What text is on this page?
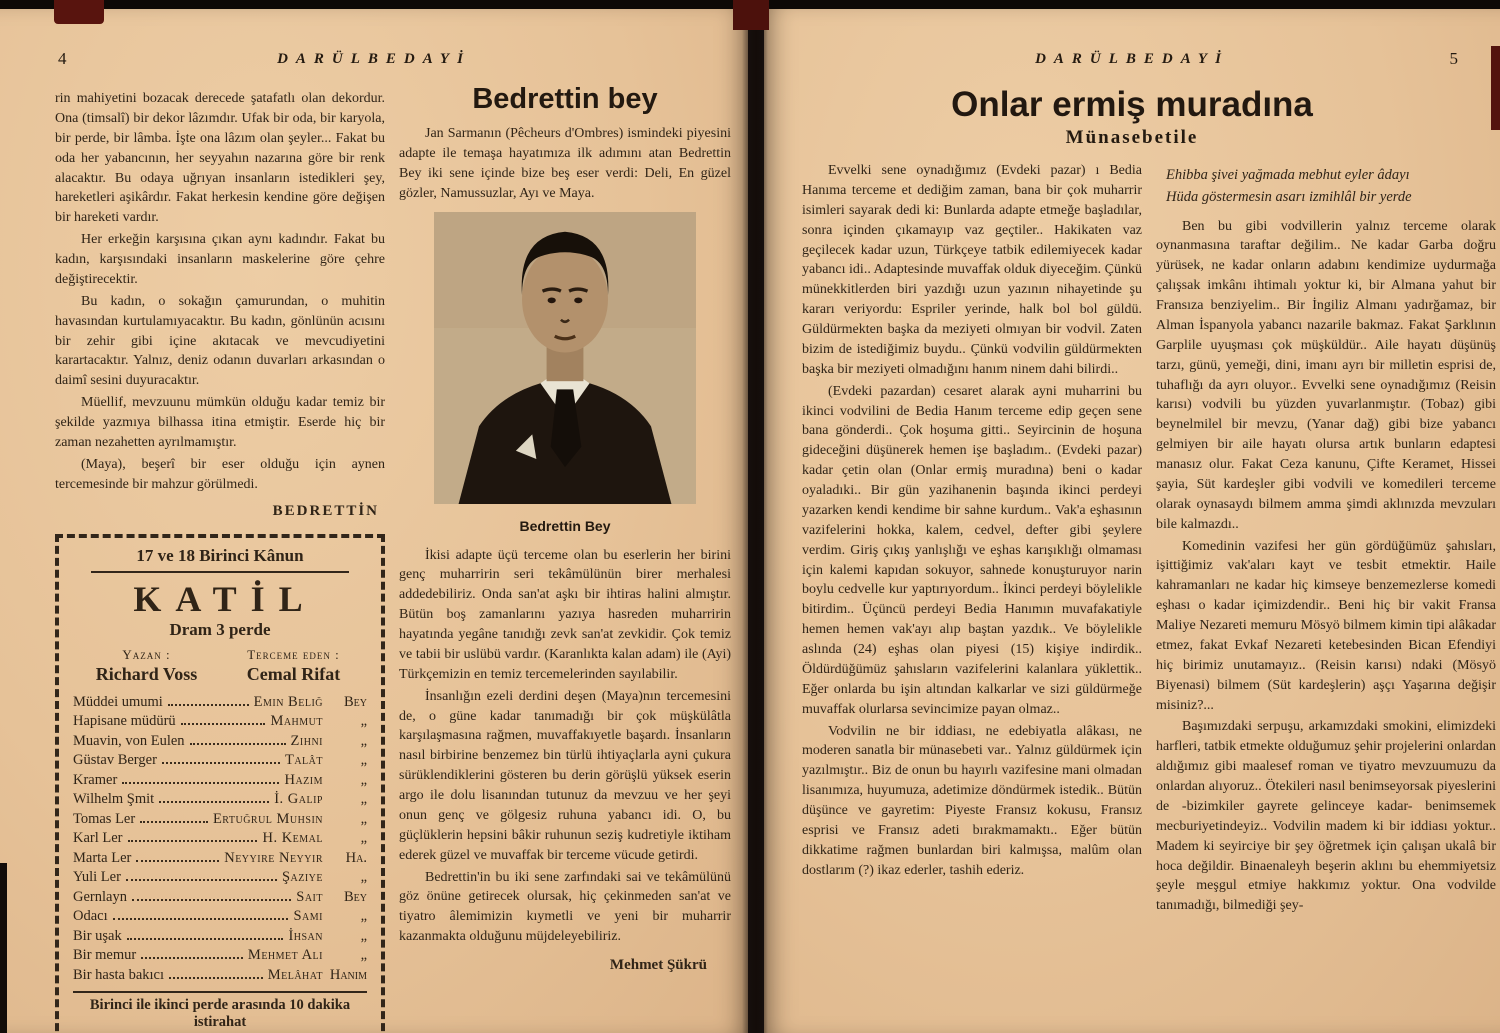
4	DARÜLBEDAYİ

rin mahiyetini bozacak derecede şatafatlı olan dekordur. Ona (timsalî) bir dekor lâzımdır. Ufak bir oda, bir karyola, bir perde, bir lâmba. İşte ona lâzım olan şeyler... Fakat bu oda her yabancının, her seyyahın nazarına göre bir renk alacaktır. Bu odaya uğrıyan insanların istedikleri şey, hareketleri aşikârdır. Fakat herkesin kendine göre değişen bir hareketi vardır.

Her erkeğin karşısına çıkan aynı kadındır. Fakat bu kadın, karşısındaki insanların maskelerine göre çehre değiştirecektir.

Bu kadın, o sokağın çamurundan, o muhitin havasından kurtulamıyacaktır. Bu kadın, gönlünün acısını bir zehir gibi içine akıtacak ve mevcudiyetini karartacaktır. Yalnız, deniz odanın duvarları arkasından o daimî sesini duyuracaktır.

Müellif, mevzuunu mümkün olduğu kadar temiz bir şekilde yazmıya bilhassa itina etmiştir. Eserde hiç bir zaman nezahetten ayrılmamıştır.

(Maya), beşerî bir eser olduğu için aynen tercemesinde bir mahzur görülmedi.

BEDRETTİN
17 ve 18 Birinci Kânun
KATİL
Dram 3 perde
Yazan :
Richard Voss
Terceme eden :
Cemal Rifat
Müddei umumi	Emin Beliğ	Bey
Hapisane müdürü	Mahmut	„
Muavin, von Eulen	Zihni	„
Güstav Berger	Talât	„
Kramer	Hazım	„
Wilhelm Şmit	İ. Galip	„
Tomas Ler	Ertuğrul Muhsin	„
Karl Ler	H. Kemal	„
Marta Ler	Neyyire Neyyir	Ha.
Yuli Ler	Şaziye	„
Gernlayn	Sait	Bey
Odacı	Sami	„
Bir uşak	İhsan	„
Bir memur	Mehmet Ali	„
Bir hasta bakıcı	Melâhat Hanım
Birinci ile ikinci perde arasında 10 dakika istirahat
Bedrettin bey

Jan Sarmanın (Pêcheurs d'Ombres) ismindeki piyesini adapte ile temaşa hayatımıza ilk adımını atan Bedrettin Bey iki sene içinde bize beş eser verdi: Deli, En güzel gözler, Namussuzlar, Ayı ve Maya.

Bedrettin Bey

İkisi adapte üçü terceme olan bu eserlerin her birini genç muharririn seri tekâmülünün birer merhalesi addedebiliriz. Onda san'at aşkı bir ihtiras halini almıştır. Bütün boş zamanlarını yazıya hasreden muharririn hayatında yegâne tanıdığı zevk san'at zevkidir. Çok temiz ve tabii bir uslübü vardır. (Karanlıkta kalan adam) ile (Ayi) Türkçemizin en temiz tercemelerinden sayılabilir.

İnsanlığın ezeli derdini deşen (Maya)nın tercemesini de, o güne kadar tanımadığı bir çok müşkülâtla karşılaşmasına rağmen, muvaffakıyetle başardı. İnsanların nasıl birbirine benzemez bin türlü ihtiyaçlarla ayni çukura sürüklendiklerini gösteren bu derin görüşlü yüksek eserin argo ile dolu lisanından tutunuz da mevzuu ve her şeyi onun genç ve gölgesiz ruhuna yabancı idi. O, bu güçlüklerin hepsini bâkir ruhunun seziş kudretiyle iktiham ederek güzel ve muvaffak bir terceme vücude getirdi.

Bedrettin'in bu iki sene zarfındaki sai ve tekâmülünü göz önüne getirecek olursak, hiç çekinmeden san'at ve tiyatro âlemimizin kıymetli ve yeni bir muharrir kazanmakta olduğunu müjdeleyebiliriz.

Mehmet Şükrü
DARÜLBEDAYİ	5
Onlar ermiş muradına
Münasebetile

Evvelki sene oynadığımız (Evdeki pazar) ı Bedia Hanıma terceme et dediğim zaman, bana bir çok muharrir isimleri sayarak dedi ki: Bunlarda adapte etmeğe başladılar, sonra içinden çıkamayıp vaz geçtiler.. Hakikaten vaz geçilecek kadar uzun, Türkçeye tatbik edilemiyecek kadar yabancı idi.. Adaptesinde muvaffak olduk diyeceğim. Çünkü münekkitlerden biri yazdığı uzun yazının nihayetinde şu kararı veriyordu: Espriler yerinde, halk bol bol güldü. Güldürmekten başka da meziyeti olmıyan bir vodvil. Zaten bizim de istediğimiz buydu.. Çünkü vodvilin güldürmekten başka bir meziyeti olmadığını hanım ninem dahi bilirdi..

(Evdeki pazardan) cesaret alarak ayni muharrini bu ikinci vodvilini de Bedia Hanım terceme edip geçen sene bana gönderdi.. Çok hoşuma gitti.. Seyircinin de hoşuna gideceğini düşünerek hemen işe başladım.. (Evdeki pazar) kadar çetin olan (Onlar ermiş muradına) beni o kadar oyaladıki.. Bir gün yazihanenin başında ikinci perdeyi yazarken kendi kendime bir sahne kurdum.. Vak'a eşhasının vazifelerini hokka, kalem, cedvel, defter gibi şeylere verdim. Giriş çıkış yanlışlığı ve eşhas karışıklığı olmaması için kalemi kapıdan sokuyor, sahnede konuşturuyor narin boylu cedvelle kur yaptırıyordum.. İkinci perdeyi böylelikle bitirdim.. Üçüncü perdeyi Bedia Hanımın muvafakatiyle hemen hemen vak'ayı alıp baştan yazdık.. Ve böylelikle aslında (24) eşhas olan piyesi (15) kişiye indirdik.. Öldürdüğümüz şahısların vazifelerini kalanlara yüklettik.. Eğer onlarda bu işin altından kalkarlar ve sizi güldürmeğe muvaffak olurlarsa sevincimize payan olmaz..

Vodvilin ne bir iddiası, ne edebiyatla alâkası, ne moderen sanatla bir münasebeti var.. Yalnız güldürmek için yazılmıştır.. Biz de onun bu hayırlı vazifesine mani olmadan lisanımıza, huyumuza, adetimize döndürmek istedik.. Bütün düşünce ve gayretim: Piyeste Fransız kokusu, Fransız esprisi ve Fransız adeti bırakmamaktı.. Eğer bütün dikkatime rağmen bunlardan biri kalmışsa, malûm olan dostlarım (?) ikaz ederler, tashih ederiz.

Ehibba şivei yağmada mebhut eyler âdayı
Hüda göstermesin asarı izmihlâl bir yerde

Ben bu gibi vodvillerin yalnız terceme olarak oynanmasına taraftar değilim.. Ne kadar Garba doğru yürüsek, ne kadar onların adabını kendimize uydurmağa çalışsak imkânı ihtimalı yoktur ki, bir Almana yahut bir Fransıza benziyelim.. Bir İngiliz Almanı yadırğamaz, bir Alman İspanyola yabancı nazarile bakmaz. Fakat Şarklının Garplile uyuşması çok müşküldür.. Aile hayatı düşünüş tarzı, günü, yemeği, dini, imanı ayrı bir milletin esprisi de, tuhaflığı da ayrı oluyor.. Evvelki sene oynadığımız (Reisin karısı) vodvili bu yüzden yuvarlanmıştır. (Tobaz) gibi beynelmilel bir mevzu, (Yanar dağ) gibi bize yabancı gelmiyen bir aile hayatı olursa artık bunların edaptesi manasız olur. Fakat Ceza kanunu, Çifte Keramet, Hissei şayia, Süt kardeşler gibi vodvili ve komedileri terceme olarak oynasaydı bilmem amma şimdi aklınızda mevzuları bile kalmazdı..

Komedinin vazifesi her gün gördüğümüz şahısları, işittiğimiz vak'aları kayt ve tesbit etmektir. Haile kahramanları ne kadar hiç kimseye benzemezlerse komedi eşhası o kadar içimizdendir.. Beni hiç bir vakit Fransa Maliye Nezareti memuru Mösyö bilmem kimin tipi alâkadar etmez, fakat Evkaf Nezareti ketebesinden Bican Efendiyi hiç birimiz unutamayız.. (Reisin karısı) ndaki (Mösyö Biyenasi) bilmem (Süt kardeşlerin) aşçı Yaşarına değişir misiniz?...

Başımızdaki serpuşu, arkamızdaki smokini, elimizdeki harfleri, tatbik etmekte olduğumuz şehir projelerini onlardan aldığımız gibi maalesef roman ve tiyatro mevzuumuzu da onlardan alıyoruz.. Ötekileri nasıl benimseyorsak piyeslerini de -bizimkiler gayrete gelinceye kadar- benimsemek mecburiyetindeyiz.. Vodvilin madem ki bir iddiası yoktur.. Madem ki seyirciye bir şey öğretmek için çalışan ukalâ bir hoca değildir. Binaenaleyh beşerin aklını bu ehemmiyetsiz şeyle meşgul etmiye hakkımız yoktur. Ona vodvilde tanımadığı, bilmediği şey-
